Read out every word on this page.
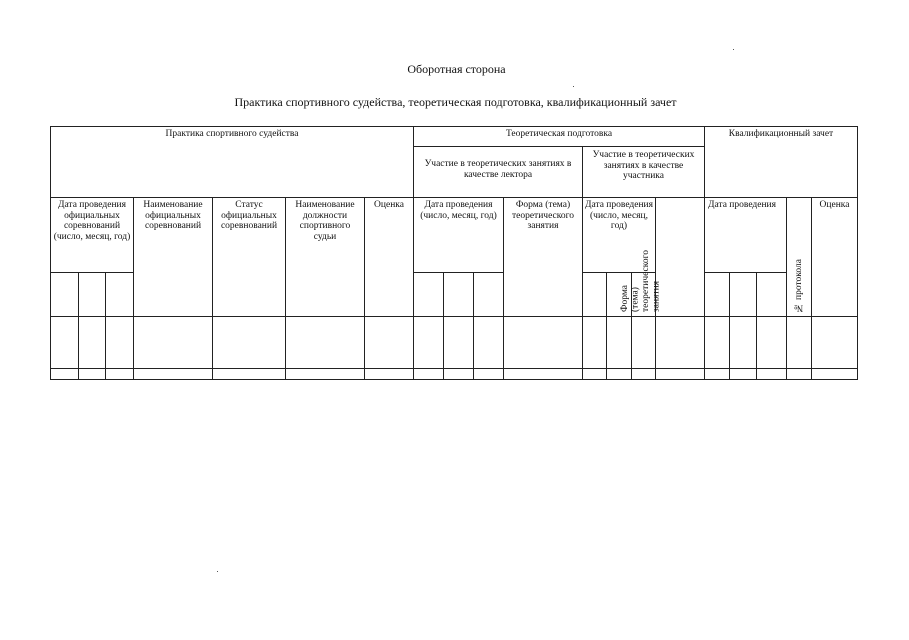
Оборотная сторона
Практика спортивного судейства, теоретическая подготовка, квалификационный зачет
Практика спортивного судейства							Теоретическая подготовка								Квалификационный зачет				
							Участие в теоретических занятиях в качестве лектора				Участие в теоретических занятиях в качестве участника								
Дата проведения официальных соревнований (число, месяц, год)			Наименование официальных соревнований	Статус официальных соревнований	Наименование должности спортивного судьи	Оценка	Дата проведения (число, месяц, год)			Форма (тема) теоретического занятия	Дата проведения (число, месяц, год)			Форма (тема) теоретического занятия	Дата проведения			№ протокола	Оценка
